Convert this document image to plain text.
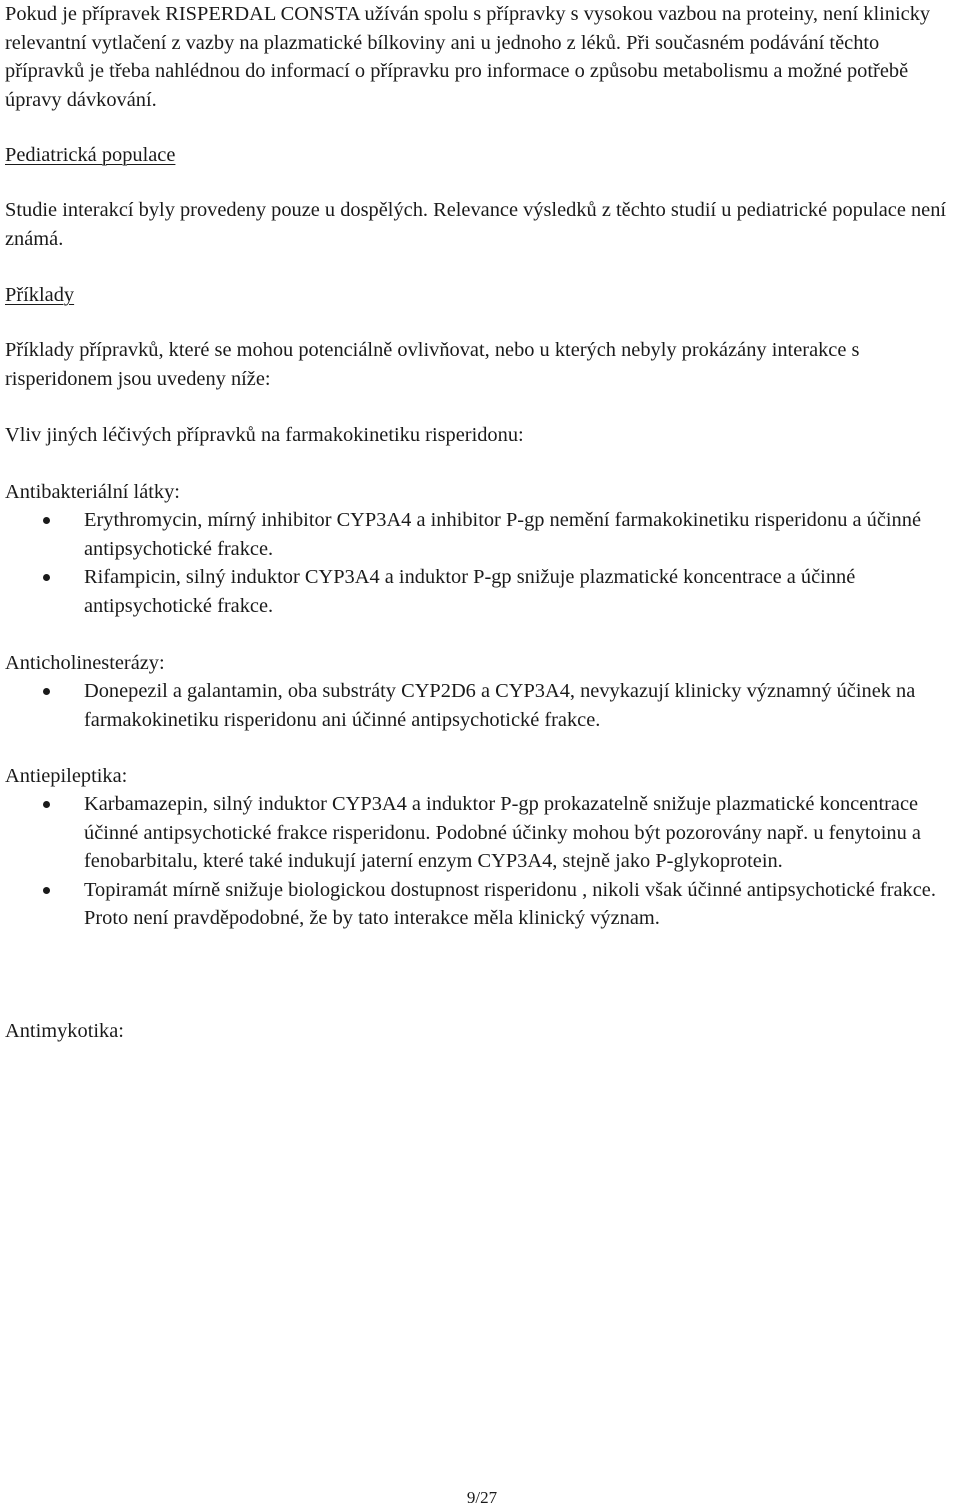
Pokud je přípravek RISPERDAL CONSTA užíván spolu s přípravky s vysokou vazbou na proteiny, není klinicky relevantní vytlačení z vazby na plazmatické bílkoviny ani u jednoho z léků. Při současném podávání těchto přípravků je třeba nahlédnou do informací o přípravku pro informace o způsobu metabolismu a možné potřebě úpravy dávkování.

Pediatrická populace

Studie interakcí byly provedeny pouze u dospělých. Relevance výsledků z těchto studií u pediatrické populace není známá.

Příklady

Příklady přípravků, které se mohou potenciálně ovlivňovat, nebo u kterých nebyly prokázány interakce s risperidonem jsou uvedeny níže:

Vliv jiných léčivých přípravků na farmakokinetiku risperidonu:

Antibakteriální látky:

Erythromycin, mírný inhibitor CYP3A4 a inhibitor P-gp nemění farmakokinetiku risperidonu a účinné antipsychotické frakce.
Rifampicin, silný induktor CYP3A4 a induktor P-gp snižuje plazmatické koncentrace a účinné antipsychotické frakce.

Anticholinesterázy:

Donepezil a galantamin, oba substráty CYP2D6 a CYP3A4, nevykazují klinicky významný účinek na farmakokinetiku risperidonu ani účinné antipsychotické frakce.

Antiepileptika:

Karbamazepin, silný induktor CYP3A4 a induktor P-gp prokazatelně snižuje plazmatické koncentrace účinné antipsychotické frakce risperidonu. Podobné účinky mohou být pozorovány např. u fenytoinu a fenobarbitalu, které také indukují jaterní enzym CYP3A4, stejně jako P-glykoprotein.
Topiramát mírně snižuje biologickou dostupnost risperidonu , nikoli však účinné antipsychotické frakce. Proto není pravděpodobné, že by tato interakce měla klinický význam.

Antimykotika:

9/27
